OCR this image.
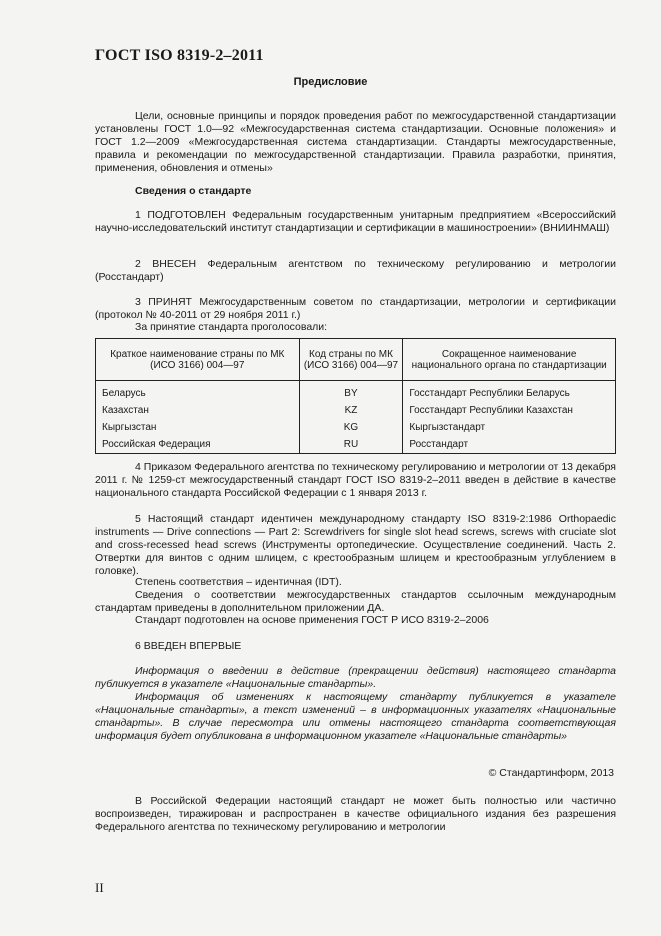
ГОСТ ISO 8319-2–2011
Предисловие
Цели, основные принципы и порядок проведения работ по межгосударственной стандартизации установлены ГОСТ 1.0—92 «Межгосударственная система стандартизации. Основные положения» и ГОСТ 1.2—2009 «Межгосударственная система стандартизации. Стандарты межгосударственные, правила и рекомендации по межгосударственной стандартизации. Правила разработки, принятия, применения, обновления и отмены»
Сведения о стандарте
1 ПОДГОТОВЛЕН Федеральным государственным унитарным предприятием «Всероссийский научно-исследовательский институт стандартизации и сертификации в машиностроении» (ВНИИНМАШ)
2 ВНЕСЕН Федеральным агентством по техническому регулированию и метрологии (Росстандарт)
3 ПРИНЯТ Межгосударственным советом по стандартизации, метрологии и сертификации (протокол № 40-2011 от 29 ноября 2011 г.)
За принятие стандарта проголосовали:
Краткое наименование страны по МК (ИСО 3166) 004—97	Код страны по МК (ИСО 3166) 004—97	Сокращенное наименование национального органа по стандартизации
Беларусь	BY	Госстандарт Республики Беларусь
Казахстан	KZ	Госстандарт Республики Казахстан
Кыргызстан	KG	Кыргызстандарт
Российская Федерация	RU	Росстандарт
4 Приказом Федерального агентства по техническому регулированию и метрологии от 13 декабря 2011 г. № 1259-ст межгосударственный стандарт ГОСТ ISO 8319-2–2011 введен в действие в качестве национального стандарта Российской Федерации с 1 января 2013 г.
5 Настоящий стандарт идентичен международному стандарту ISO 8319-2:1986 Orthopaedic instruments — Drive connections — Part 2: Screwdrivers for single slot head screws, screws with cruciate slot and cross-recessed head screws (Инструменты ортопедические. Осуществление соединений. Часть 2. Отвертки для винтов с одним шлицем, с крестообразным шлицем и крестообразным углублением в головке).
Степень соответствия – идентичная (IDT).
Сведения о соответствии межгосударственных стандартов ссылочным международным стандартам приведены в дополнительном приложении ДА.
Стандарт подготовлен на основе применения ГОСТ Р ИСО 8319-2–2006
6 ВВЕДЕН ВПЕРВЫЕ
Информация о введении в действие (прекращении действия) настоящего стандарта публикуется в указателе «Национальные стандарты».
Информация об изменениях к настоящему стандарту публикуется в указателе «Национальные стандарты», а текст изменений – в информационных указателях «Национальные стандарты». В случае пересмотра или отмены настоящего стандарта соответствующая информация будет опубликована в информационном указателе «Национальные стандарты»
© Стандартинформ, 2013
В Российской Федерации настоящий стандарт не может быть полностью или частично воспроизведен, тиражирован и распространен в качестве официального издания без разрешения Федерального агентства по техническому регулированию и метрологии
II
